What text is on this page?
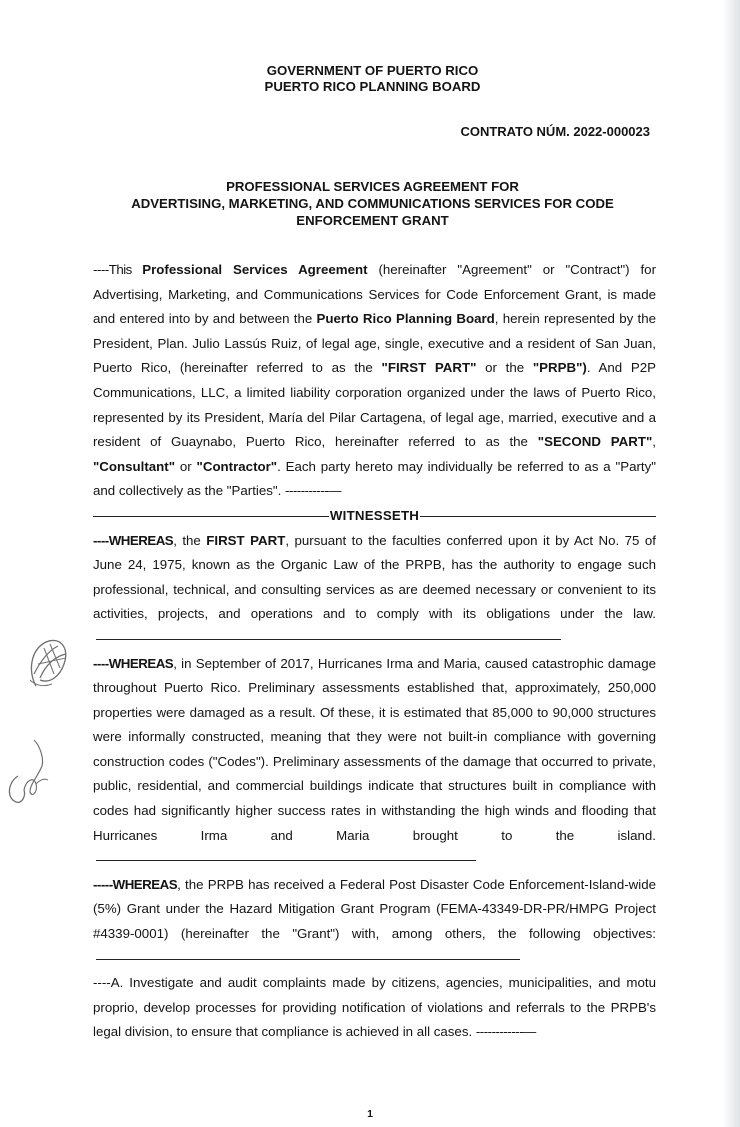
GOVERNMENT OF PUERTO RICO
PUERTO RICO PLANNING BOARD
CONTRATO NÚM. 2022-000023
PROFESSIONAL SERVICES AGREEMENT FOR
ADVERTISING, MARKETING, AND COMMUNICATIONS SERVICES FOR CODE
ENFORCEMENT GRANT

----This Professional Services Agreement (hereinafter "Agreement" or "Contract") for Advertising, Marketing, and Communications Services for Code Enforcement Grant, is made and entered into by and between the Puerto Rico Planning Board, herein represented by the President, Plan. Julio Lassús Ruiz, of legal age, single, executive and a resident of San Juan, Puerto Rico, (hereinafter referred to as the "FIRST PART" or the "PRPB"). And P2P Communications, LLC, a limited liability corporation organized under the laws of Puerto Rico, represented by its President, María del Pilar Cartagena, of legal age, married, executive and a resident of Guaynabo, Puerto Rico, hereinafter referred to as the "SECOND PART", "Consultant" or "Contractor". Each party hereto may individually be referred to as a "Party" and collectively as the "Parties". -----------—

WITNESSETH

----WHEREAS, the FIRST PART, pursuant to the faculties conferred upon it by Act No. 75 of June 24, 1975, known as the Organic Law of the PRPB, has the authority to engage such professional, technical, and consulting services as are deemed necessary or convenient to its activities, projects, and operations and to comply with its obligations under the law.

----WHEREAS, in September of 2017, Hurricanes Irma and Maria, caused catastrophic damage throughout Puerto Rico. Preliminary assessments established that, approximately, 250,000 properties were damaged as a result. Of these, it is estimated that 85,000 to 90,000 structures were informally constructed, meaning that they were not built-in compliance with governing construction codes ("Codes"). Preliminary assessments of the damage that occurred to private, public, residential, and commercial buildings indicate that structures built in compliance with codes had significantly higher success rates in withstanding the high winds and flooding that Hurricanes Irma and Maria brought to the island.

-----WHEREAS, the PRPB has received a Federal Post Disaster Code Enforcement-Island-wide (5%) Grant under the Hazard Mitigation Grant Program (FEMA-43349-DR-PR/HMPG Project #4339-0001) (hereinafter the "Grant") with, among others, the following objectives:

----A. Investigate and audit complaints made by citizens, agencies, municipalities, and motu proprio, develop processes for providing notification of violations and referrals to the PRPB's legal division, to ensure that compliance is achieved in all cases. ------------—

1
